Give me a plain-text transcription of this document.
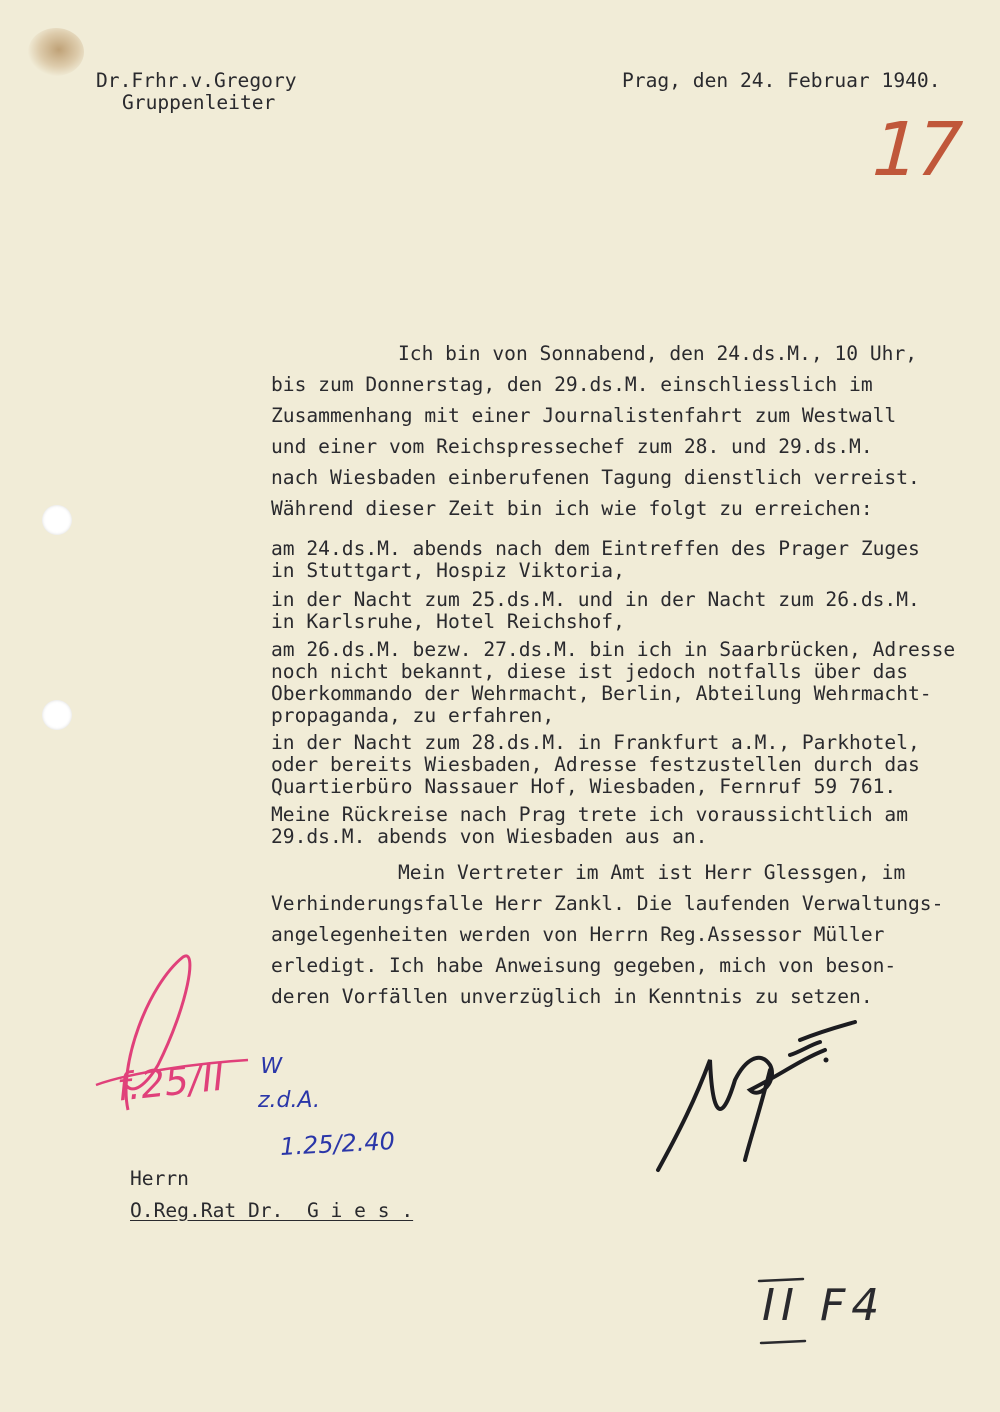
Dr.Frhr.v.Gregory
Gruppenleiter
Prag, den 24. Februar 1940.
17
Ich bin von Sonnabend, den 24.ds.M., 10 Uhr,
bis zum Donnerstag, den 29.ds.M. einschliesslich im
Zusammenhang mit einer Journalistenfahrt zum Westwall
und einer vom Reichspressechef zum 28. und 29.ds.M.
nach Wiesbaden einberufenen Tagung dienstlich verreist.
Während dieser Zeit bin ich wie folgt zu erreichen:
am 24.ds.M. abends nach dem Eintreffen des Prager Zuges
in Stuttgart, Hospiz Viktoria,
in der Nacht zum 25.ds.M. und in der Nacht zum 26.ds.M.
in Karlsruhe, Hotel Reichshof,
am 26.ds.M. bezw. 27.ds.M. bin ich in Saarbrücken, Adresse
noch nicht bekannt, diese ist jedoch notfalls über das
Oberkommando der Wehrmacht, Berlin, Abteilung Wehrmacht-
propaganda, zu erfahren,
in der Nacht zum 28.ds.M. in Frankfurt a.M., Parkhotel,
oder bereits Wiesbaden, Adresse festzustellen durch das
Quartierbüro Nassauer Hof, Wiesbaden, Fernruf 59 761.
Meine Rückreise nach Prag trete ich voraussichtlich am
29.ds.M. abends von Wiesbaden aus an.
Mein Vertreter im Amt ist Herr Glessgen, im
Verhinderungsfalle Herr Zankl. Die laufenden Verwaltungs-
angelegenheiten werden von Herrn Reg.Assessor Müller
erledigt. Ich habe Anweisung gegeben, mich von beson-
deren Vorfällen unverzüglich in Kenntnis zu setzen.
f.25/II W
z.d.A.
1.25/2.40
Herrn
O.Reg.Rat Dr.  G i e s .
II F4
